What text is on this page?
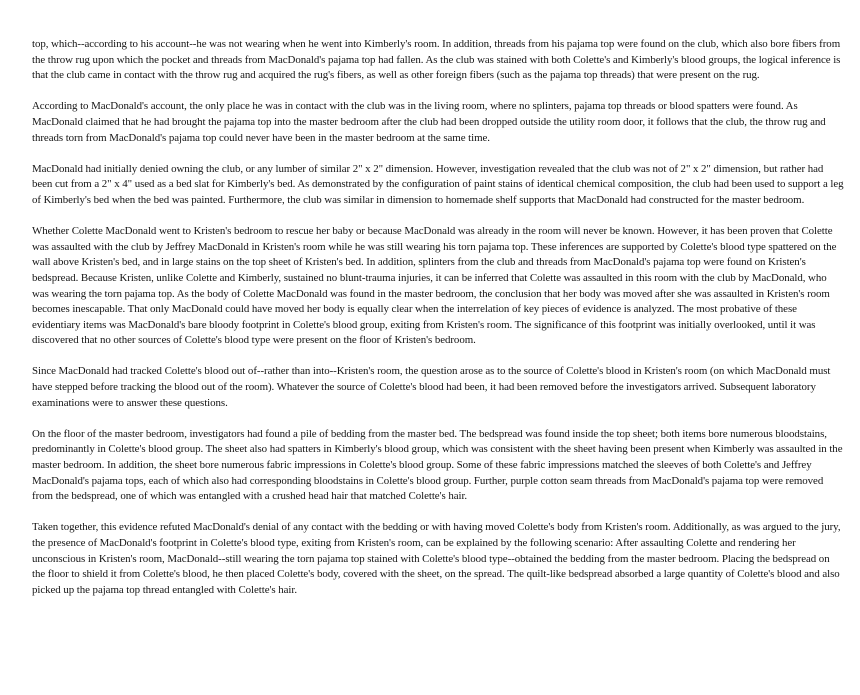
top, which--according to his account--he was not wearing when he went into Kimberly's room. In addition, threads from his pajama top were found on the club, which also bore fibers from the throw rug upon which the pocket and threads from MacDonald's pajama top had fallen. As the club was stained with both Colette's and Kimberly's blood groups, the logical inference is that the club came in contact with the throw rug and acquired the rug's fibers, as well as other foreign fibers (such as the pajama top threads) that were present on the rug.

According to MacDonald's account, the only place he was in contact with the club was in the living room, where no splinters, pajama top threads or blood spatters were found. As MacDonald claimed that he had brought the pajama top into the master bedroom after the club had been dropped outside the utility room door, it follows that the club, the throw rug and threads torn from MacDonald's pajama top could never have been in the master bedroom at the same time.

MacDonald had initially denied owning the club, or any lumber of similar 2" x 2" dimension. However, investigation revealed that the club was not of 2" x 2" dimension, but rather had been cut from a 2" x 4" used as a bed slat for Kimberly's bed. As demonstrated by the configuration of paint stains of identical chemical composition, the club had been used to support a leg of Kimberly's bed when the bed was painted. Furthermore, the club was similar in dimension to homemade shelf supports that MacDonald had constructed for the master bedroom.

Whether Colette MacDonald went to Kristen's bedroom to rescue her baby or because MacDonald was already in the room will never be known. However, it has been proven that Colette was assaulted with the club by Jeffrey MacDonald in Kristen's room while he was still wearing his torn pajama top. These inferences are supported by Colette's blood type spattered on the wall above Kristen's bed, and in large stains on the top sheet of Kristen's bed. In addition, splinters from the club and threads from MacDonald's pajama top were found on Kristen's bedspread. Because Kristen, unlike Colette and Kimberly, sustained no blunt-trauma injuries, it can be inferred that Colette was assaulted in this room with the club by MacDonald, who was wearing the torn pajama top. As the body of Colette MacDonald was found in the master bedroom, the conclusion that her body was moved after she was assaulted in Kristen's room becomes inescapable. That only MacDonald could have moved her body is equally clear when the interrelation of key pieces of evidence is analyzed. The most probative of these evidentiary items was MacDonald's bare bloody footprint in Colette's blood group, exiting from Kristen's room. The significance of this footprint was initially overlooked, until it was discovered that no other sources of Colette's blood type were present on the floor of Kristen's bedroom.

Since MacDonald had tracked Colette's blood out of--rather than into--Kristen's room, the question arose as to the source of Colette's blood in Kristen's room (on which MacDonald must have stepped before tracking the blood out of the room). Whatever the source of Colette's blood had been, it had been removed before the investigators arrived. Subsequent laboratory examinations were to answer these questions.

On the floor of the master bedroom, investigators had found a pile of bedding from the master bed. The bedspread was found inside the top sheet; both items bore numerous bloodstains, predominantly in Colette's blood group. The sheet also had spatters in Kimberly's blood group, which was consistent with the sheet having been present when Kimberly was assaulted in the master bedroom. In addition, the sheet bore numerous fabric impressions in Colette's blood group. Some of these fabric impressions matched the sleeves of both Colette's and Jeffrey MacDonald's pajama tops, each of which also had corresponding bloodstains in Colette's blood group. Further, purple cotton seam threads from MacDonald's pajama top were removed from the bedspread, one of which was entangled with a crushed head hair that matched Colette's hair.

Taken together, this evidence refuted MacDonald's denial of any contact with the bedding or with having moved Colette's body from Kristen's room. Additionally, as was argued to the jury, the presence of MacDonald's footprint in Colette's blood type, exiting from Kristen's room, can be explained by the following scenario: After assaulting Colette and rendering her unconscious in Kristen's room, MacDonald--still wearing the torn pajama top stained with Colette's blood type--obtained the bedding from the master bedroom. Placing the bedspread on the floor to shield it from Colette's blood, he then placed Colette's body, covered with the sheet, on the spread. The quilt-like bedspread absorbed a large quantity of Colette's blood and also picked up the pajama top thread entangled with Colette's hair.
